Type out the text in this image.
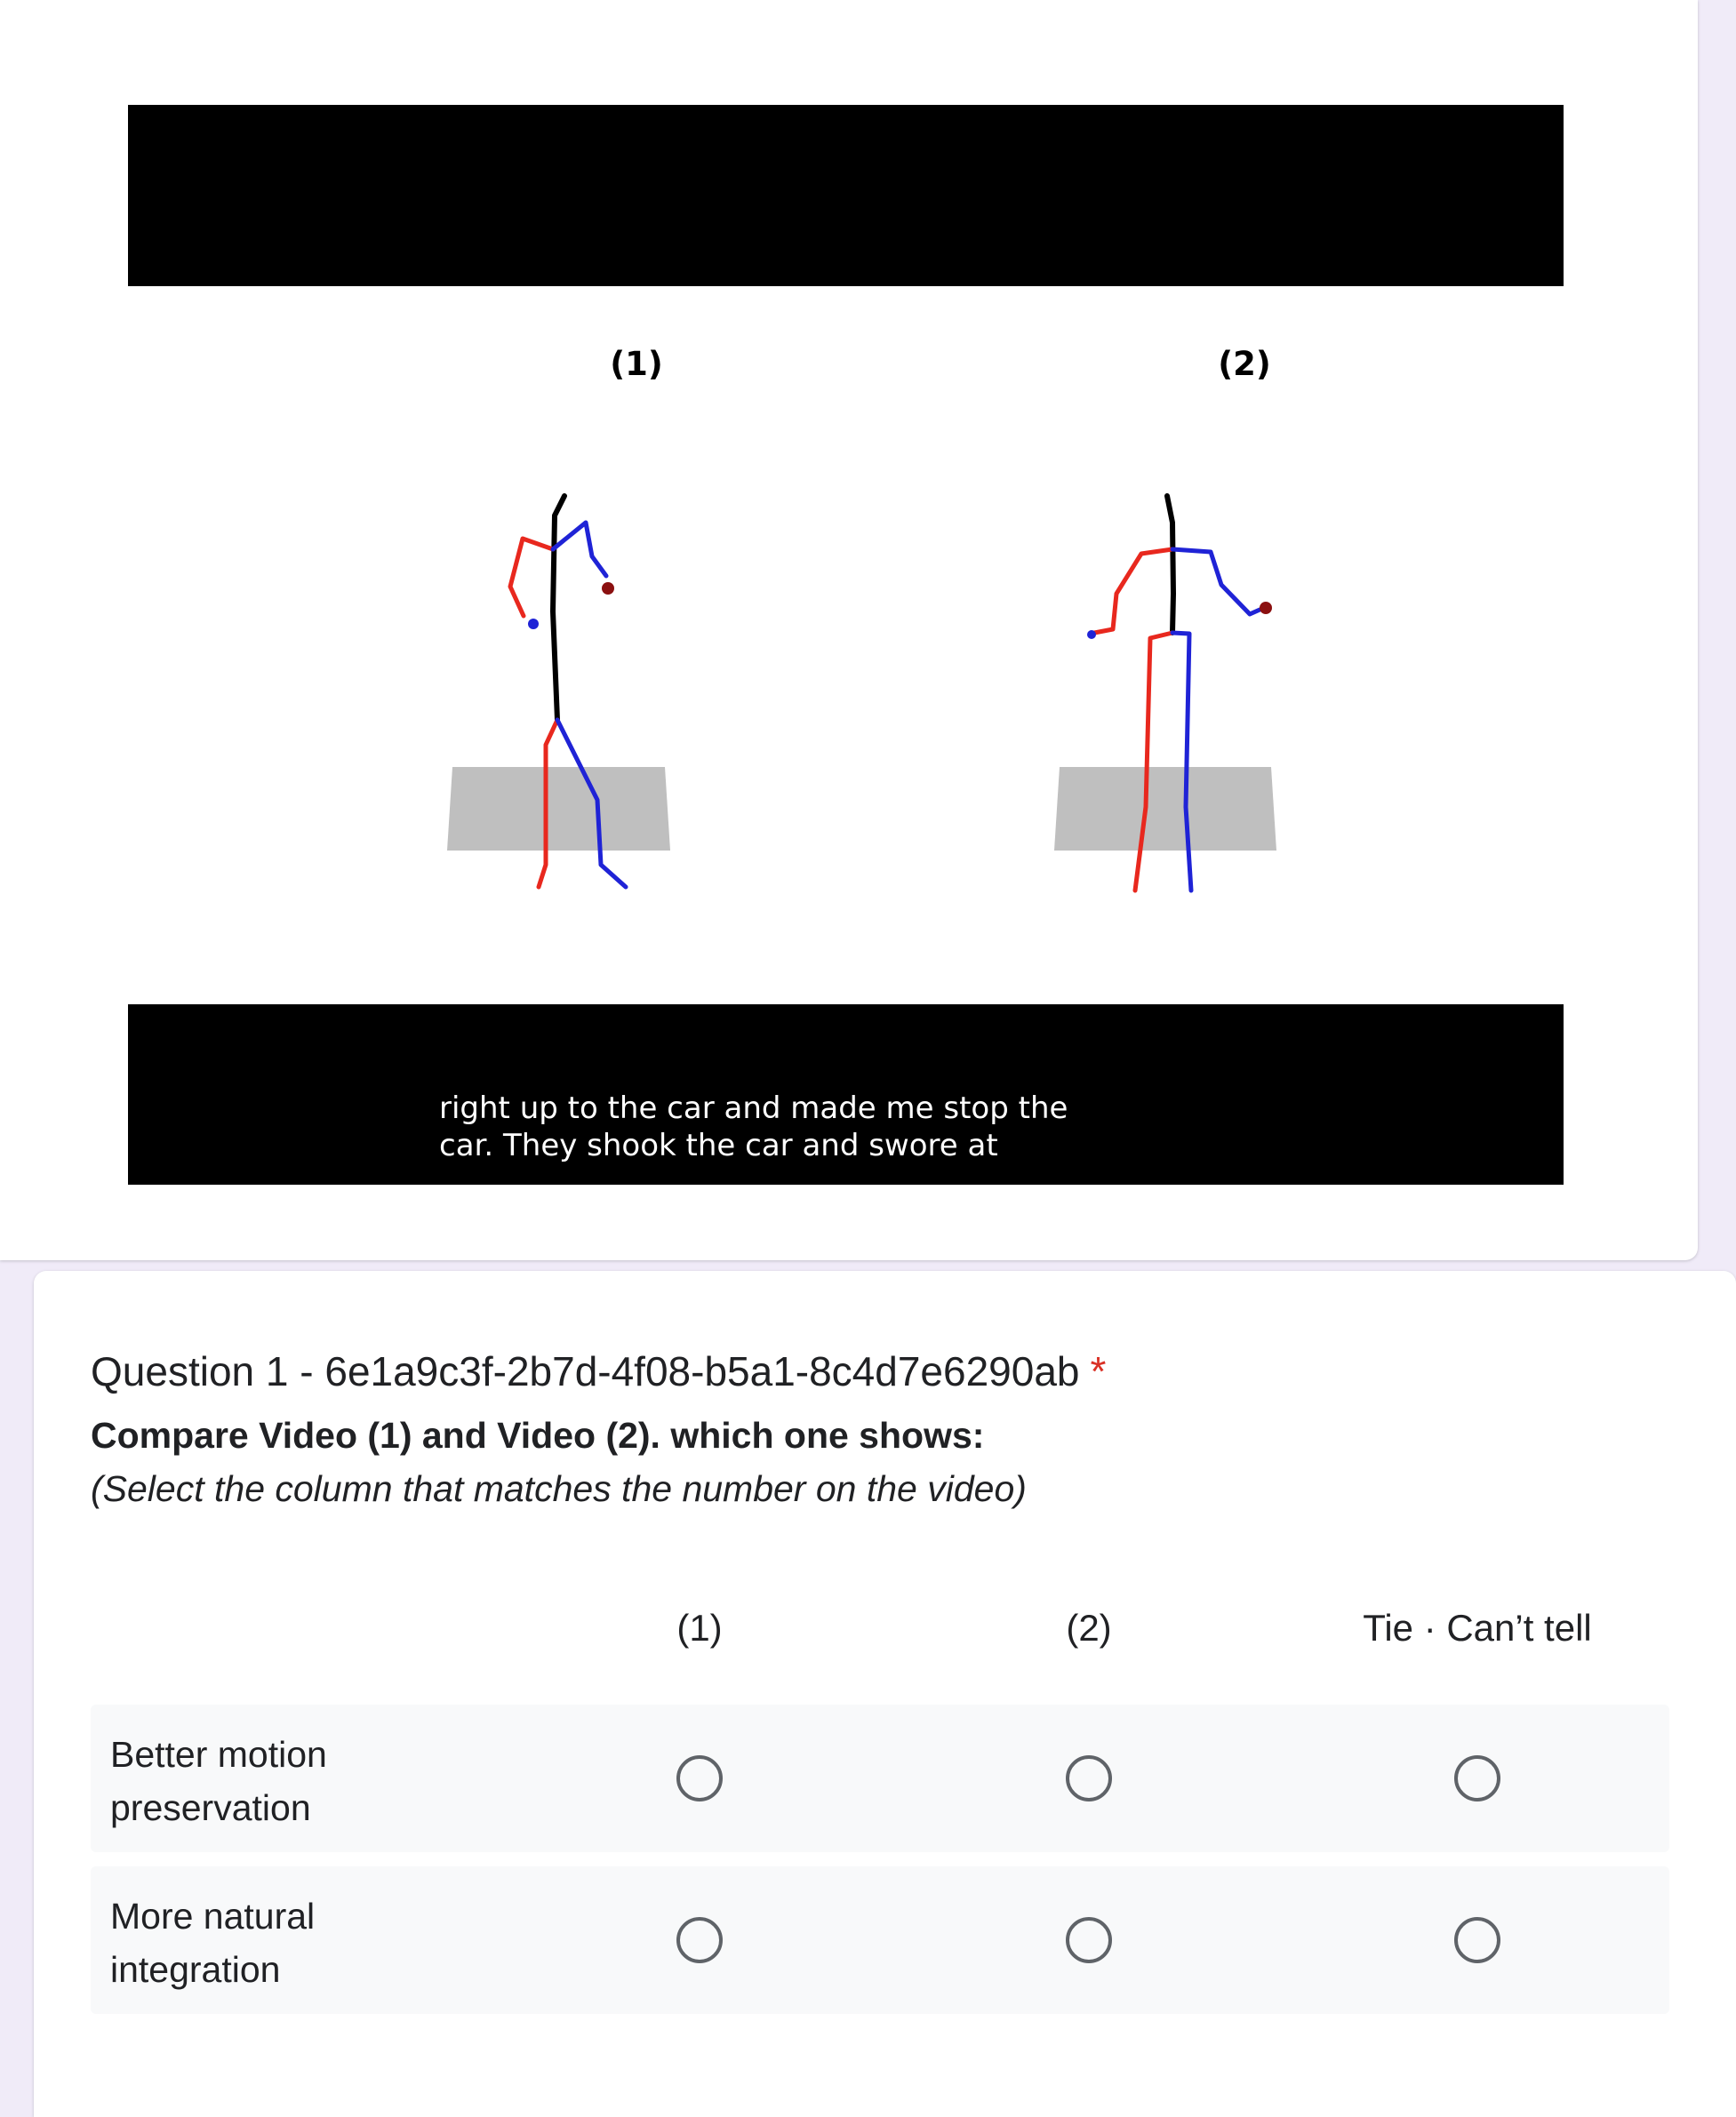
(1)	(2)
right up to the car and made me stop the
car. They shook the car and swore at
Question 1 - 6e1a9c3f-2b7d-4f08-b5a1-8c4d7e6290ab *
Compare Video (1) and Video (2). which one shows:
(Select the column that matches the number on the video)
(1)	(2)	Tie · Can’t tell
Better motion preservation
More natural integration
